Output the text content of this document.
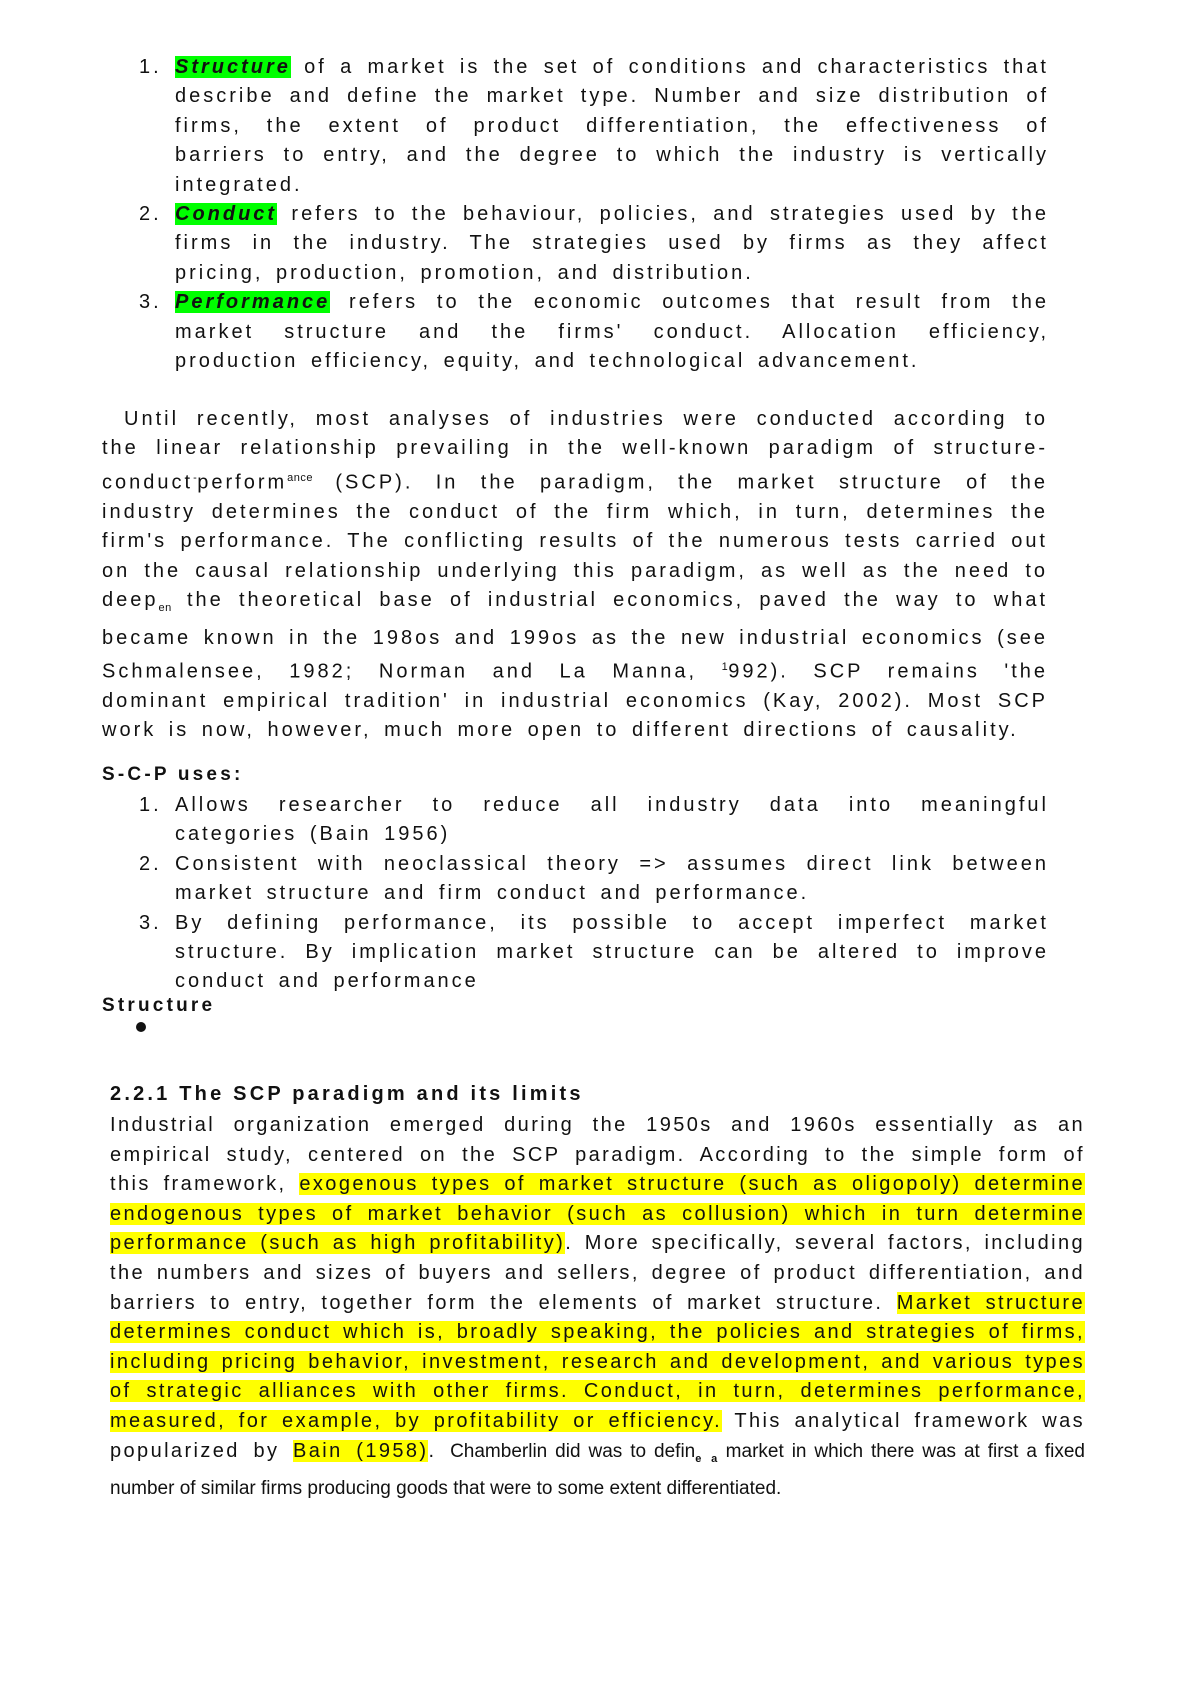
1. Structure of a market is the set of conditions and characteristics that describe and define the market type. Number and size distribution of firms, the extent of product differentiation, the effectiveness of barriers to entry, and the degree to which the industry is vertically integrated.
2. Conduct refers to the behaviour, policies, and strategies used by the firms in the industry. The strategies used by firms as they affect pricing, production, promotion, and distribution.
3. Performance refers to the economic outcomes that result from the market structure and the firms' conduct. Allocation efficiency, production efficiency, equity, and technological advancement.

Until recently, most analyses of industries were conducted according to the linear relationship prevailing in the well-known paradigm of structure-conduct-perform$^{ance}$ (SCP). In the paradigm, the market structure of the industry determines the conduct of the firm which, in turn, determines the firm's performance. The conflicting results of the numerous tests carried out on the causal relationship underlying this paradigm, as well as the need to deep$_{en}$ the theoretical base of industrial economics, paved the way to what became known in the 198os and 199os as the new industrial economics (see Schmalensee, 1982; Norman and La Manna, $^1$992). SCP remains 'the dominant empirical tradition' in industrial economics (Kay, 2002). Most SCP work is now, however, much more open to different directions of causality.

S-C-P uses:

1. Allows researcher to reduce all industry data into meaningful categories (Bain 1956)
2. Consistent with neoclassical theory => assumes direct link between market structure and firm conduct and performance.
3. By defining performance, its possible to accept imperfect market structure. By implication market structure can be altered to improve conduct and performance

Structure

2.2.1 The SCP paradigm and its limits

Industrial organization emerged during the 1950s and 1960s essentially as an empirical study, centered on the SCP paradigm. According to the simple form of this framework, exogenous types of market structure (such as oligopoly) determine endogenous types of market behavior (such as collusion) which in turn determine performance (such as high profitability). More specifically, several factors, including the numbers and sizes of buyers and sellers, degree of product differentiation, and barriers to entry, together form the elements of market structure. Market structure determines conduct which is, broadly speaking, the policies and strategies of firms, including pricing behavior, investment, research and development, and various types of strategic alliances with other firms. Conduct, in turn, determines performance, measured, for example, by profitability or efficiency. This analytical framework was popularized by Bain (1958). Chamberlin did was to defin$_{e a}$ market in which there was at first a fixed number of similar firms producing goods that were to some extent differentiated.
